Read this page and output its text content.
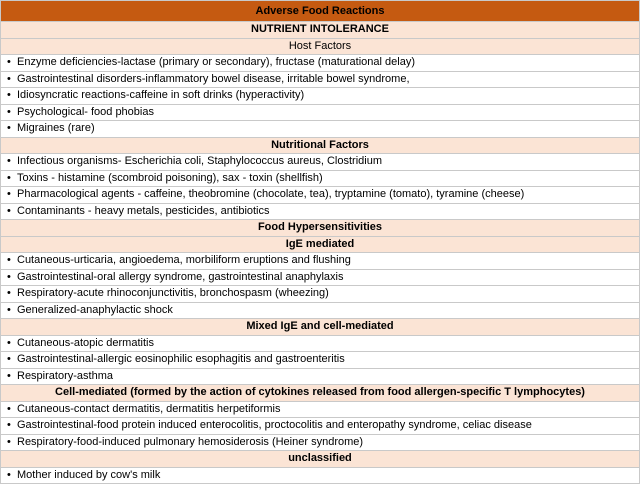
Adverse Food Reactions
NUTRIENT INTOLERANCE
Host Factors
• Enzyme deficiencies-lactase (primary or secondary), fructase (maturational delay)
• Gastrointestinal disorders-inflammatory bowel disease, irritable bowel syndrome,
• Idiosyncratic reactions-caffeine in soft drinks (hyperactivity)
• Psychological- food phobias
• Migraines (rare)
Nutritional Factors
• Infectious organisms- Escherichia coli, Staphylococcus aureus, Clostridium
• Toxins - histamine (scombroid poisoning), sax - toxin (shellfish)
• Pharmacological agents - caffeine, theobromine (chocolate, tea), tryptamine (tomato), tyramine (cheese)
• Contaminants - heavy metals, pesticides, antibiotics
Food Hypersensitivities
IgE mediated
• Cutaneous-urticaria, angioedema, morbiliform eruptions and flushing
• Gastrointestinal-oral allergy syndrome, gastrointestinal anaphylaxis
• Respiratory-acute rhinoconjunctivitis, bronchospasm (wheezing)
• Generalized-anaphylactic shock
Mixed IgE and cell-mediated
• Cutaneous-atopic dermatitis
• Gastrointestinal-allergic eosinophilic esophagitis and gastroenteritis
• Respiratory-asthma
Cell-mediated (formed by the action of cytokines released from food allergen-specific T lymphocytes)
• Cutaneous-contact dermatitis, dermatitis herpetiformis
• Gastrointestinal-food protein induced enterocolitis, proctocolitis and enteropathy syndrome, celiac disease
• Respiratory-food-induced pulmonary hemosiderosis (Heiner syndrome)
unclassified
• Mother induced by cow's milk
